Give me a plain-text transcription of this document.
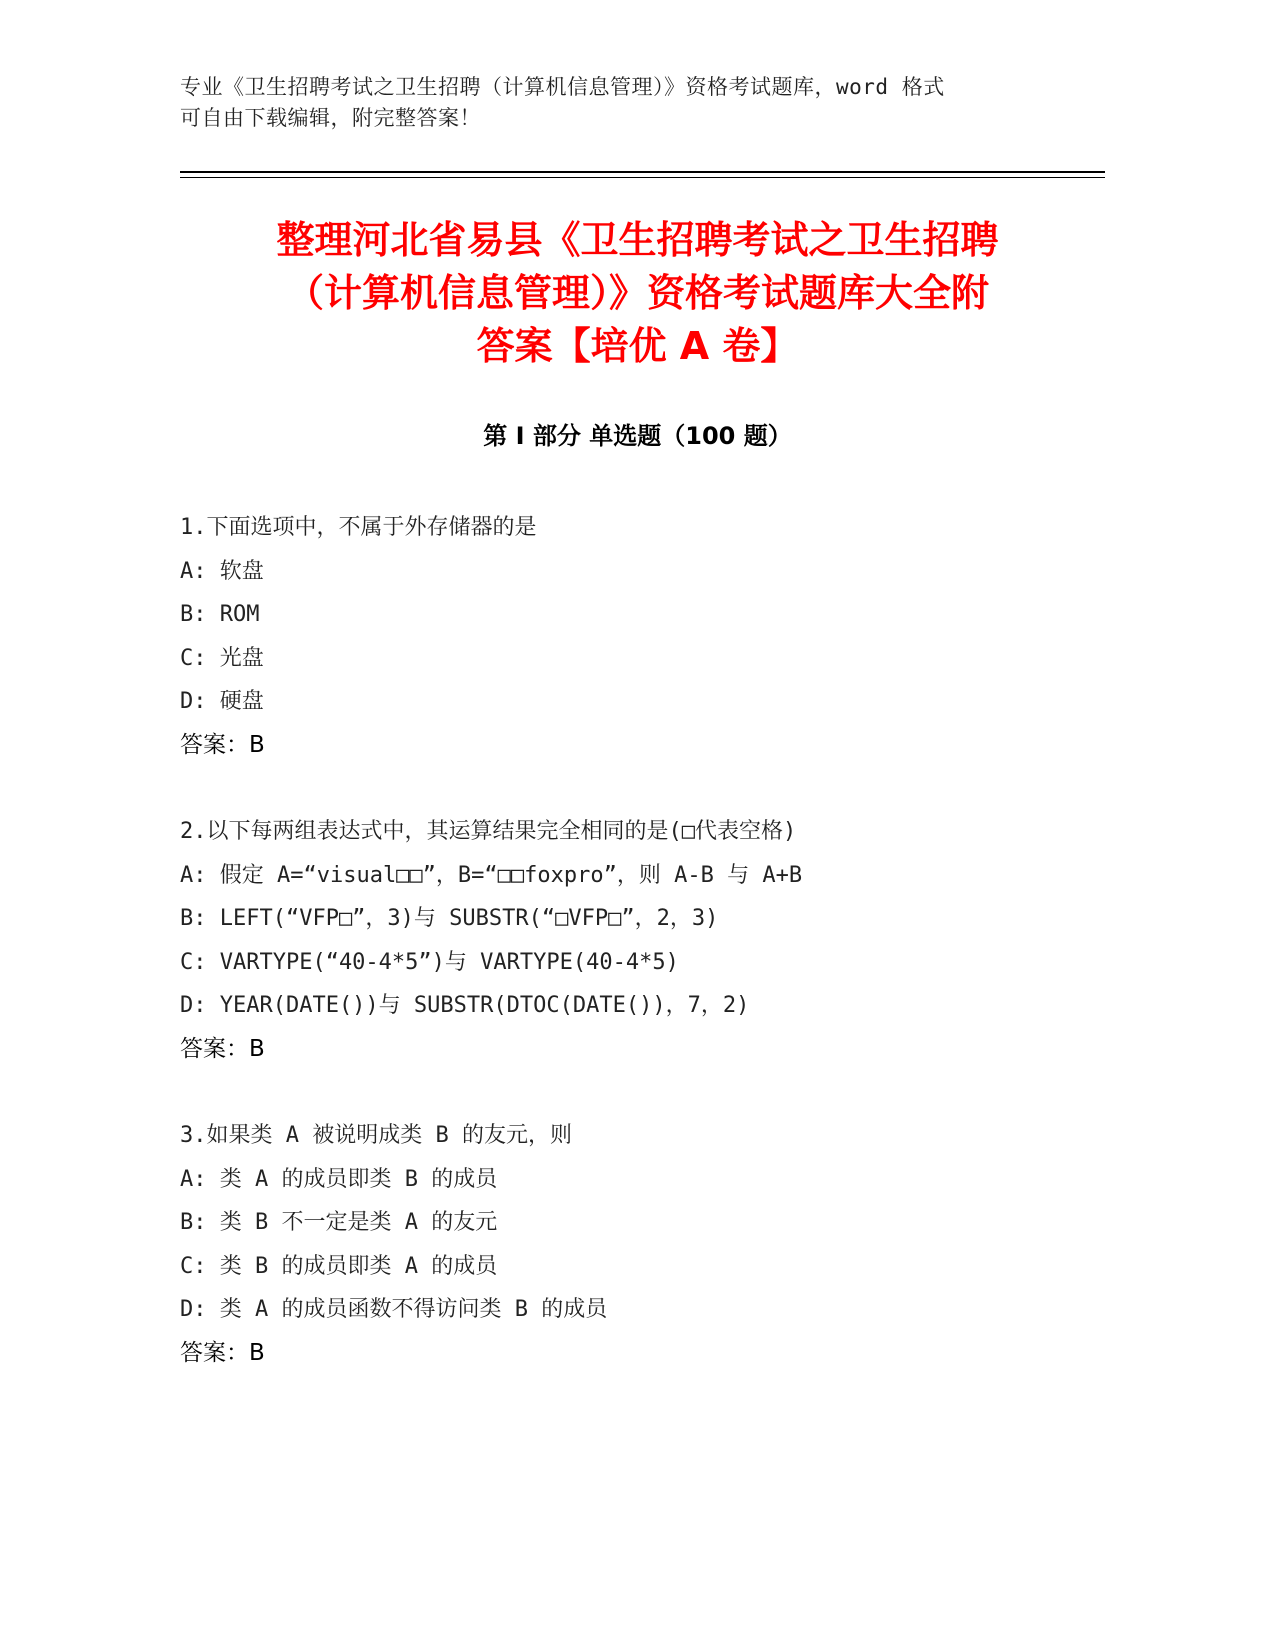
专业《卫生招聘考试之卫生招聘（计算机信息管理）》资格考试题库，word 格式

可自由下载编辑，附完整答案！

整理河北省易县《卫生招聘考试之卫生招聘
（计算机信息管理）》资格考试题库大全附
答案【培优 A 卷】
第 I 部分 单选题（100 题）
1.下面选项中，不属于外存储器的是
A: 软盘
B: ROM
C: 光盘
D: 硬盘
答案：B
2.以下每两组表达式中，其运算结果完全相同的是(□代表空格)
A: 假定 A=“visual□□”，B=“□□foxpro”，则 A-B 与 A+B
B: LEFT(“VFP□”，3)与 SUBSTR(“□VFP□”，2，3)
C: VARTYPE(“40-4*5”)与 VARTYPE(40-4*5)
D: YEAR(DATE())与 SUBSTR(DTOC(DATE())，7，2)
答案：B
3.如果类 A 被说明成类 B 的友元，则
A: 类 A 的成员即类 B 的成员
B: 类 B 不一定是类 A 的友元
C: 类 B 的成员即类 A 的成员
D: 类 A 的成员函数不得访问类 B 的成员
答案：B
